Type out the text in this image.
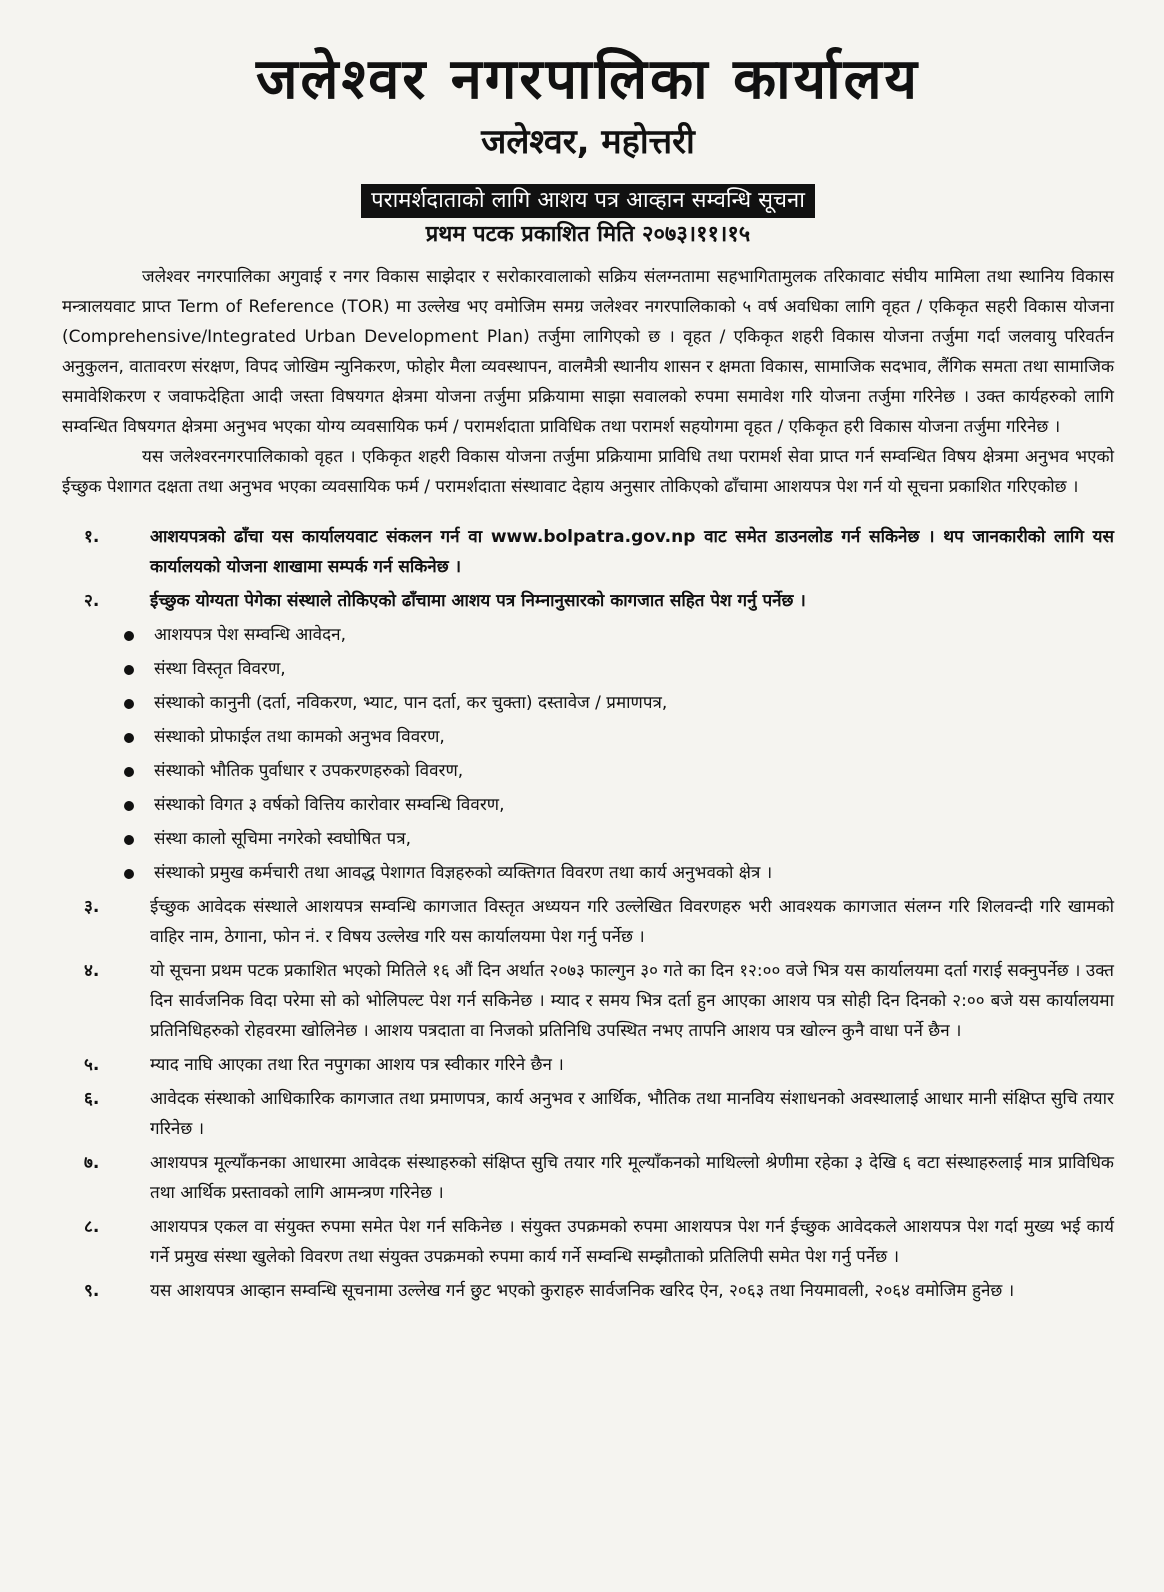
जलेश्वर नगरपालिका कार्यालय
जलेश्वर, महोत्तरी
परामर्शदाताको लागि आशय पत्र आव्हान सम्वन्धि सूचना
प्रथम पटक प्रकाशित मिति २०७३।११।१५

जलेश्वर नगरपालिका अगुवाई र नगर विकास साझेदार र सरोकारवालाको सक्रिय संलग्नतामा सहभागितामुलक तरिकावाट संघीय मामिला तथा स्थानिय विकास मन्त्रालयवाट प्राप्त Term of Reference (TOR) मा उल्लेख भए वमोजिम समग्र जलेश्वर नगरपालिकाको ५ वर्ष अवधिका लागि वृहत / एकिकृत सहरी विकास योजना (Comprehensive/Integrated Urban Development Plan) तर्जुमा लागिएको छ । वृहत / एकिकृत शहरी विकास योजना तर्जुमा गर्दा जलवायु परिवर्तन अनुकुलन, वातावरण संरक्षण, विपद जोखिम न्युनिकरण, फोहोर मैला व्यवस्थापन, वालमैत्री स्थानीय शासन र क्षमता विकास, सामाजिक सदभाव, लैंगिक समता तथा सामाजिक समावेशिकरण र जवाफदेहिता आदी जस्ता विषयगत क्षेत्रमा योजना तर्जुमा प्रक्रियामा साझा सवालको रुपमा समावेश गरि योजना तर्जुमा गरिनेछ । उक्त कार्यहरुको लागि सम्वन्धित विषयगत क्षेत्रमा अनुभव भएका योग्य व्यवसायिक फर्म / परामर्शदाता प्राविधिक तथा परामर्श सहयोगमा वृहत / एकिकृत हरी विकास योजना तर्जुमा गरिनेछ ।

यस जलेश्वरनगरपालिकाको वृहत । एकिकृत शहरी विकास योजना तर्जुमा प्रक्रियामा प्राविधि तथा परामर्श सेवा प्राप्त गर्न सम्वन्धित विषय क्षेत्रमा अनुभव भएको ईच्छुक पेशागत दक्षता तथा अनुभव भएका व्यवसायिक फर्म / परामर्शदाता संस्थावाट देहाय अनुसार तोकिएको ढाँचामा आशयपत्र पेश गर्न यो सूचना प्रकाशित गरिएकोछ ।

१.	आशयपत्रको ढाँचा यस कार्यालयवाट संकलन गर्न वा www.bolpatra.gov.np वाट समेत डाउनलोड गर्न सकिनेछ । थप जानकारीको लागि यस कार्यालयको योजना शाखामा सम्पर्क गर्न सकिनेछ ।
२.	ईच्छुक योग्यता पेगेका संस्थाले तोकिएको ढाँचामा आशय पत्र निम्नानुसारको कागजात सहित पेश गर्नु पर्नेछ ।
आशयपत्र पेश सम्वन्धि आवेदन,
संस्था विस्तृत विवरण,
संस्थाको कानुनी (दर्ता, नविकरण, भ्याट, पान दर्ता, कर चुक्ता) दस्तावेज / प्रमाणपत्र,
संस्थाको प्रोफाईल तथा कामको अनुभव विवरण,
संस्थाको भौतिक पुर्वाधार र उपकरणहरुको विवरण,
संस्थाको विगत ३ वर्षको वित्तिय कारोवार सम्वन्धि विवरण,
संस्था कालो सूचिमा नगरेको स्वघोषित पत्र,
संस्थाको प्रमुख कर्मचारी तथा आवद्ध पेशागत विज्ञहरुको व्यक्तिगत विवरण तथा कार्य अनुभवको क्षेत्र ।
३.	ईच्छुक आवेदक संस्थाले आशयपत्र सम्वन्धि कागजात विस्तृत अध्ययन गरि उल्लेखित विवरणहरु भरी आवश्यक कागजात संलग्न गरि शिलवन्दी गरि खामको वाहिर नाम, ठेगाना, फोन नं. र विषय उल्लेख गरि यस कार्यालयमा पेश गर्नु पर्नेछ ।
४.	यो सूचना प्रथम पटक प्रकाशित भएको मितिले १६ औं दिन अर्थात २०७३ फाल्गुन ३० गते का दिन १२:०० वजे भित्र यस कार्यालयमा दर्ता गराई सक्नुपर्नेछ । उक्त दिन सार्वजनिक विदा परेमा सो को भोलिपल्ट पेश गर्न सकिनेछ । म्याद र समय भित्र दर्ता हुन आएका आशय पत्र सोही दिन दिनको २:०० बजे यस कार्यालयमा प्रतिनिधिहरुको रोहवरमा खोलिनेछ । आशय पत्रदाता वा निजको प्रतिनिधि उपस्थित नभए तापनि आशय पत्र खोल्न कुनै वाधा पर्ने छैन ।
५.	म्याद नाघि आएका तथा रित नपुगका आशय पत्र स्वीकार गरिने छैन ।
६.	आवेदक संस्थाको आधिकारिक कागजात तथा प्रमाणपत्र, कार्य अनुभव र आर्थिक, भौतिक तथा मानविय संशाधनको अवस्थालाई आधार मानी संक्षिप्त सुचि तयार गरिनेछ ।
७.	आशयपत्र मूल्याँकनका आधारमा आवेदक संस्थाहरुको संक्षिप्त सुचि तयार गरि मूल्याँकनको माथिल्लो श्रेणीमा रहेका ३ देखि ६ वटा संस्थाहरुलाई मात्र प्राविधिक तथा आर्थिक प्रस्तावको लागि आमन्त्रण गरिनेछ ।
८.	आशयपत्र एकल वा संयुक्त रुपमा समेत पेश गर्न सकिनेछ । संयुक्त उपक्रमको रुपमा आशयपत्र पेश गर्न ईच्छुक आवेदकले आशयपत्र पेश गर्दा मुख्य भई कार्य गर्ने प्रमुख संस्था खुलेको विवरण तथा संयुक्त उपक्रमको रुपमा कार्य गर्ने सम्वन्धि सम्झौताको प्रतिलिपी समेत पेश गर्नु पर्नेछ ।
९.	यस आशयपत्र आव्हान सम्वन्धि सूचनामा उल्लेख गर्न छुट भएको कुराहरु सार्वजनिक खरिद ऐन, २०६३ तथा नियमावली, २०६४ वमोजिम हुनेछ ।
